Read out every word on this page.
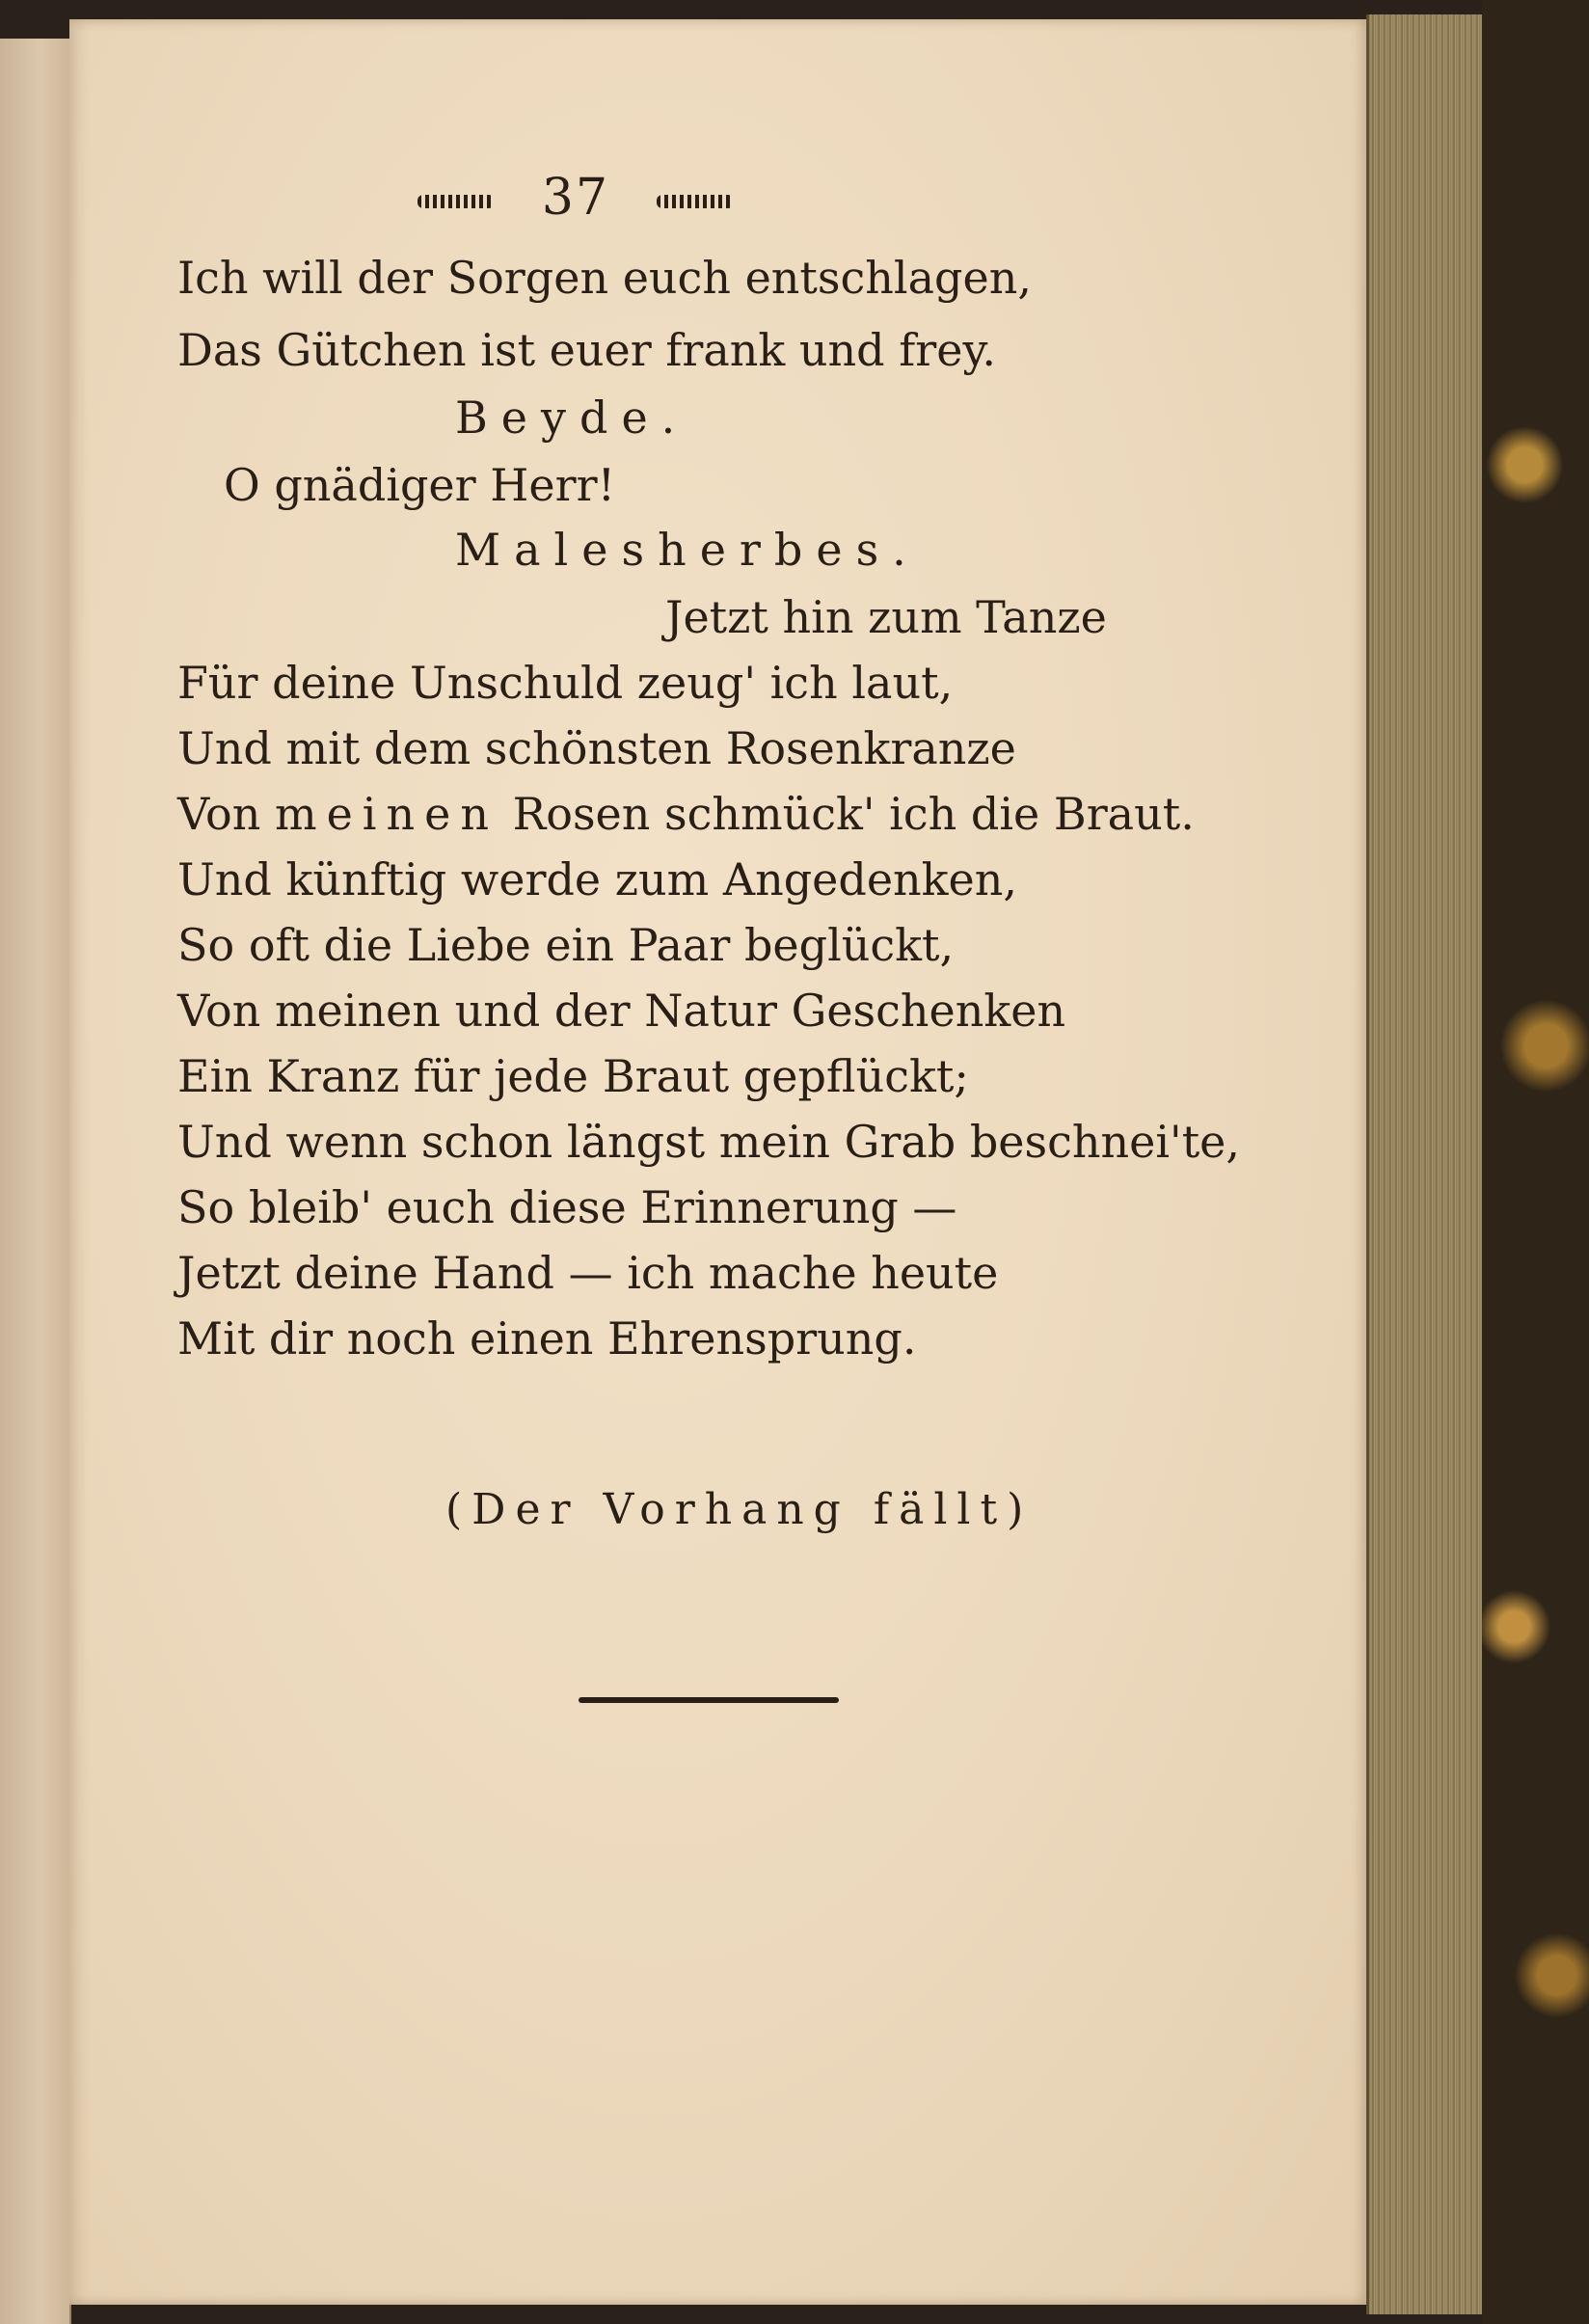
37
Ich will der Sorgen euch entschlagen,
Das Gütchen ist euer frank und frey.
Beyde.
O gnädiger Herr!
Malesherbes.
Jetzt hin zum Tanze
Für deine Unschuld zeug' ich laut,
Und mit dem schönsten Rosenkranze
Von meinen Rosen schmück' ich die Braut.
Und künftig werde zum Angedenken,
So oft die Liebe ein Paar beglückt,
Von meinen und der Natur Geschenken
Ein Kranz für jede Braut gepflückt;
Und wenn schon längst mein Grab beschnei'te,
So bleib' euch diese Erinnerung —
Jetzt deine Hand — ich mache heute
Mit dir noch einen Ehrensprung.
(Der Vorhang fällt)
